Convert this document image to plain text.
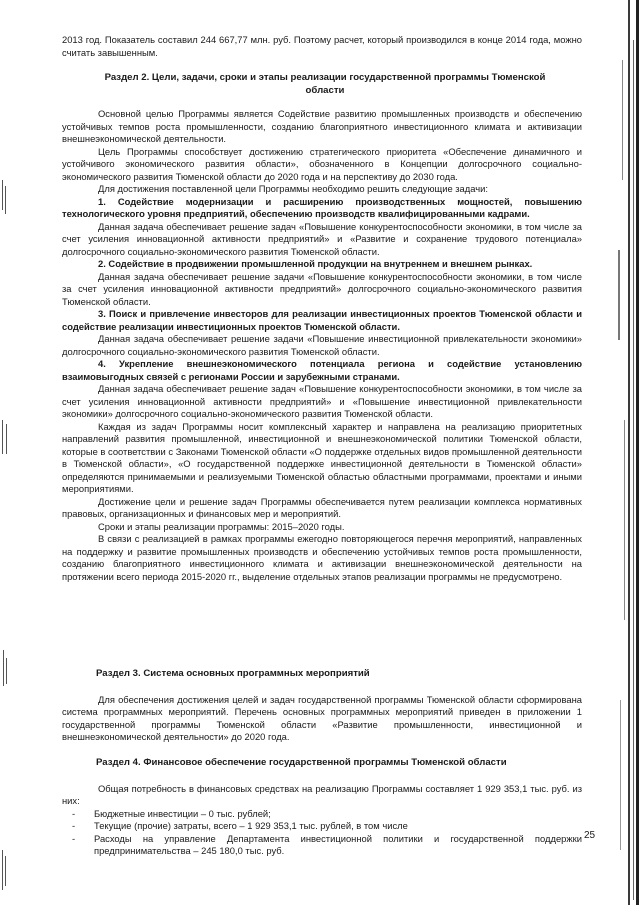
2013 год. Показатель составил 244 667,77 млн. руб. Поэтому расчет, который производился в конце 2014 года, можно считать завышенным.

Раздел 2. Цели, задачи, сроки и этапы реализации государственной программы Тюменской области

Основной целью Программы является Содействие развитию промышленных производств и обеспечению устойчивых темпов роста промышленности, созданию благоприятного инвестиционного климата и активизации внешнеэкономической деятельности.

Цель Программы способствует достижению стратегического приоритета «Обеспечение динамичного и устойчивого экономического развития области», обозначенного в Концепции долгосрочного социально-экономического развития Тюменской области до 2020 года и на перспективу до 2030 года.

Для достижения поставленной цели Программы необходимо решить следующие задачи:

1. Содействие модернизации и расширению производственных мощностей, повышению технологического уровня предприятий, обеспечению производств квалифицированными кадрами.

Данная задача обеспечивает решение задач «Повышение конкурентоспособности экономики, в том числе за счет усиления инновационной активности предприятий» и «Развитие и сохранение трудового потенциала» долгосрочного социально-экономического развития Тюменской области.

2. Содействие в продвижении промышленной продукции на внутреннем и внешнем рынках.

Данная задача обеспечивает решение задачи «Повышение конкурентоспособности экономики, в том числе за счет усиления инновационной активности предприятий» долгосрочного социально-экономического развития Тюменской области.

3. Поиск и привлечение инвесторов для реализации инвестиционных проектов Тюменской области и содействие реализации инвестиционных проектов Тюменской области.

Данная задача обеспечивает решение задачи «Повышение инвестиционной привлекательности экономики» долгосрочного социально-экономического развития Тюменской области.

4. Укрепление внешнеэкономического потенциала региона и содействие установлению взаимовыгодных связей с регионами России и зарубежными странами.

Данная задача обеспечивает решение задач «Повышение конкурентоспособности экономики, в том числе за счет усиления инновационной активности предприятий» и «Повышение инвестиционной привлекательности экономики» долгосрочного социально-экономического развития Тюменской области.

Каждая из задач Программы носит комплексный характер и направлена на реализацию приоритетных направлений развития промышленной, инвестиционной и внешнеэкономической политики Тюменской области, которые в соответствии с Законами Тюменской области «О поддержке отдельных видов промышленной деятельности в Тюменской области», «О государственной поддержке инвестиционной деятельности в Тюменской области» определяются принимаемыми и реализуемыми Тюменской областью областными программами, проектами и иными мероприятиями.

Достижение цели и решение задач Программы обеспечивается путем реализации комплекса нормативных правовых, организационных и финансовых мер и мероприятий.

Сроки и этапы реализации программы: 2015–2020 годы.

В связи с реализацией в рамках программы ежегодно повторяющегося перечня мероприятий, направленных на поддержку и развитие промышленных производств и обеспечению устойчивых темпов роста промышленности, созданию благоприятного инвестиционного климата и активизации внешнеэкономической деятельности на протяжении всего периода 2015-2020 гг., выделение отдельных этапов реализации программы не предусмотрено.

Раздел 3. Система основных программных мероприятий

Для обеспечения достижения целей и задач государственной программы Тюменской области сформирована система программных мероприятий. Перечень основных программных мероприятий приведен в приложении 1 государственной программы Тюменской области «Развитие промышленности, инвестиционной и внешнеэкономической деятельности» до 2020 года.

Раздел 4. Финансовое обеспечение государственной программы Тюменской области

Общая потребность в финансовых средствах на реализацию Программы составляет 1 929 353,1 тыс. руб. из них:

- Бюджетные инвестиции – 0 тыс. рублей;
- Текущие (прочие) затраты, всего – 1 929 353,1 тыс. рублей, в том числе
- Расходы на управление Департамента инвестиционной политики и государственной поддержки предпринимательства – 245 180,0 тыс. руб.
25
